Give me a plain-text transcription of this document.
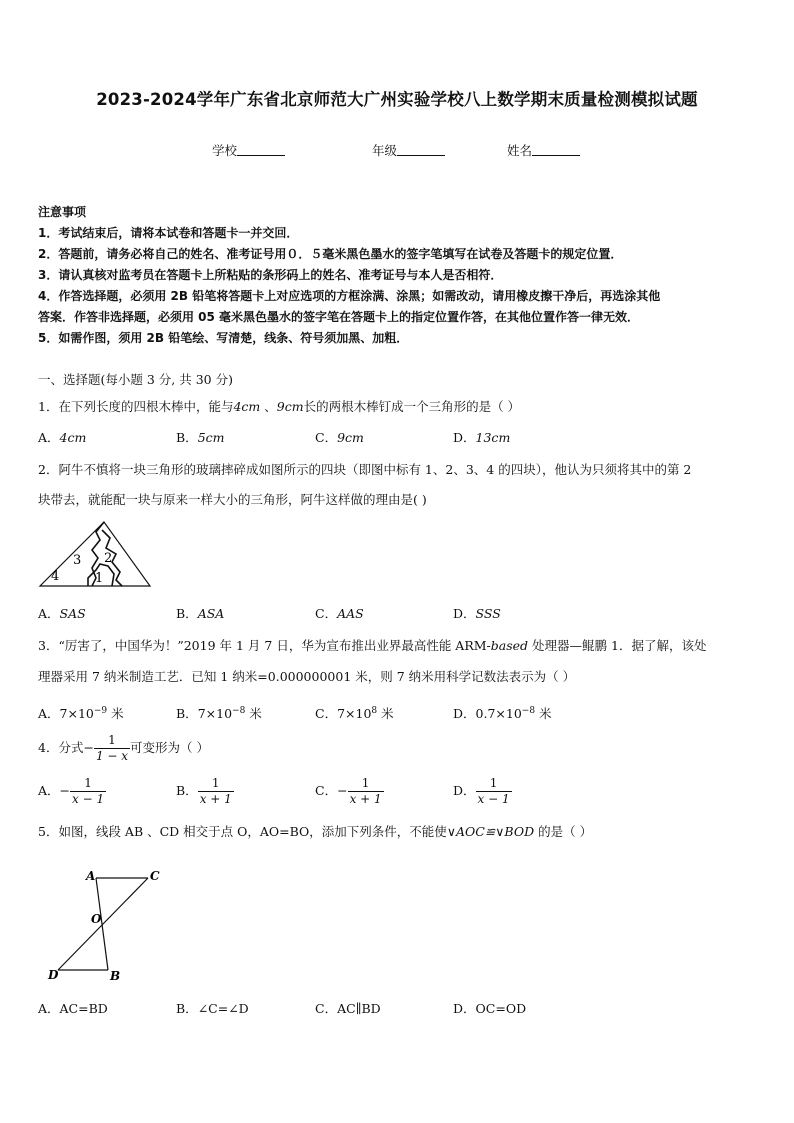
2023-2024学年广东省北京师范大广州实验学校八上数学期末质量检测模拟试题
学校	年级	姓名
注意事项
1．考试结束后，请将本试卷和答题卡一并交回．
2．答题前，请务必将自己的姓名、准考证号用０．５毫米黑色墨水的签字笔填写在试卷及答题卡的规定位置．
3．请认真核对监考员在答题卡上所粘贴的条形码上的姓名、准考证号与本人是否相符．
4．作答选择题，必须用 2B 铅笔将答题卡上对应选项的方框涂满、涂黑；如需改动，请用橡皮擦干净后，再选涂其他
答案．作答非选择题，必须用 05 毫米黑色墨水的签字笔在答题卡上的指定位置作答，在其他位置作答一律无效．
5．如需作图，须用 2B 铅笔绘、写清楚，线条、符号须加黑、加粗．
一、选择题(每小题 3 分, 共 30 分)
1．在下列长度的四根木棒中，能与4cm 、9cm长的两根木棒钉成一个三角形的是（ ）
A．4cm	B．5cm	C．9cm	D．13cm
2．阿牛不慎将一块三角形的玻璃摔碎成如图所示的四块（即图中标有 1、2、3、4 的四块），他认为只须将其中的第 2
块带去，就能配一块与原来一样大小的三角形，阿牛这样做的理由是( )
3 2
4	1
A．SAS	B．ASA	C．AAS	D．SSS
3．“厉害了，中国华为！”2019 年 1 月 7 日，华为宣布推出业界最高性能 ARM-based 处理器—鲲鹏 1．据了解，该处
理器采用 7 纳米制造工艺．已知 1 纳米=0.000000001 米，则 7 纳米用科学记数法表示为（ ）
A．$7\times 10^{-9}$ 米	B．$7\times 10^{-8}$ 米	C．$7\times 10^8$ 米	D．$0.7\times 10^{-8}$ 米
4．分式− $\frac{1}{1 - x}$ 可变形为（ ）
A．− $\frac{1}{x - 1}$	B． $\frac{1}{x + 1}$	C．− $\frac{1}{x + 1}$	D． $\frac{1}{x - 1}$
5．如图，线段 AB 、CD 相交于点 O，AO=BO，添加下列条件，不能使∨AOC≌∨BOD 的是（ ）
A	C
O
D	B
A．AC=BD	B．∠C=∠D	C．AC∥BD	D．OC=OD
